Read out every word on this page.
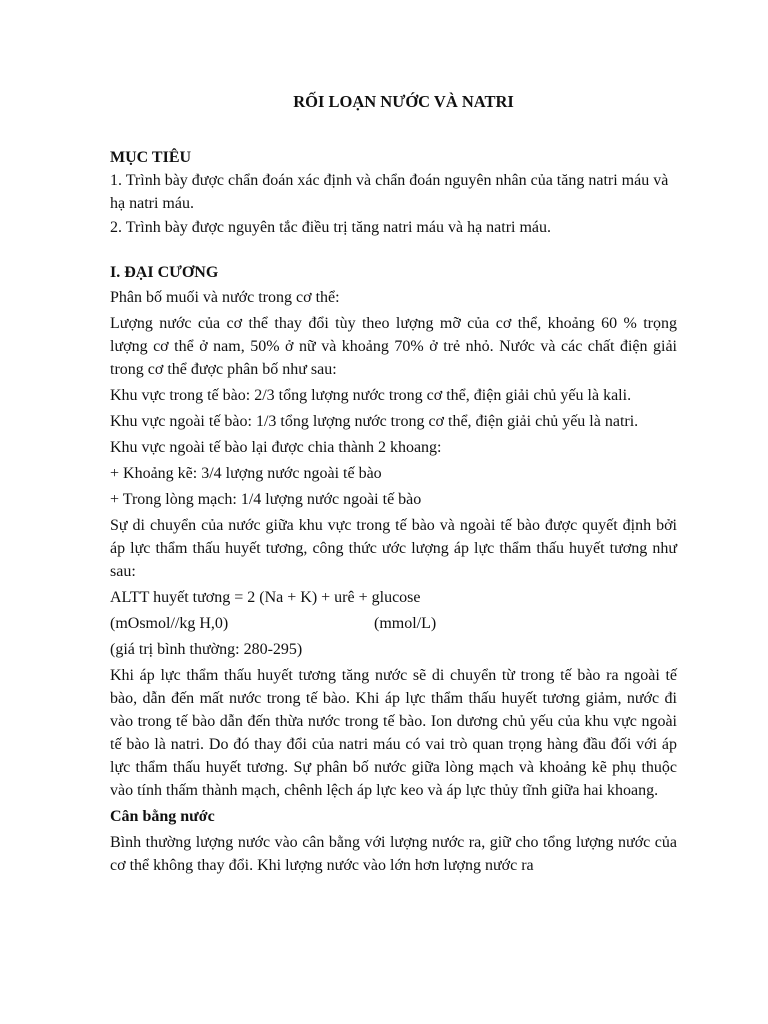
RỐI LOẠN NƯỚC VÀ NATRI
MỤC TIÊU

1. Trình bày được chẩn đoán xác định và chẩn đoán nguyên nhân của tăng natri máu và hạ natri máu.

2. Trình bày được nguyên tắc điều trị tăng natri máu và hạ natri máu.

I. ĐẠI CƯƠNG

Phân bố muối và nước trong cơ thể:

Lượng nước của cơ thể thay đổi tùy theo lượng mỡ của cơ thể, khoảng 60 % trọng lượng cơ thể ở nam, 50% ở nữ và khoảng 70% ở trẻ nhỏ. Nước và các chất điện giải trong cơ thể được phân bố như sau:

Khu vực trong tế bào: 2/3 tổng lượng nước trong cơ thể, điện giải chủ yếu là kali.

Khu vực ngoài tế bào: 1/3 tổng lượng nước trong cơ thể, điện giải chủ yếu là natri.

Khu vực ngoài tế bào lại được chia thành 2 khoang:

+ Khoảng kẽ: 3/4 lượng nước ngoài tế bào

+ Trong lòng mạch: 1/4 lượng nước ngoài tế bào

Sự di chuyển của nước giữa khu vực trong tế bào và ngoài tế bào được quyết định bởi áp lực thẩm thấu huyết tương, công thức ước lượng áp lực thẩm thấu huyết tương như sau:

ALTT huyết tương = 2 (Na + K) + urê + glucose

(mOsmol//kg H,0)	(mmol/L)

(giá trị bình thường: 280-295)

Khi áp lực thẩm thấu huyết tương tăng nước sẽ di chuyển từ trong tế bào ra ngoài tế bào, dẫn đến mất nước trong tế bào. Khi áp lực thẩm thấu huyết tương giảm, nước đi vào trong tế bào dẫn đến thừa nước trong tế bào. Ion dương chủ yếu của khu vực ngoài tế bào là natri. Do đó thay đổi của natri máu có vai trò quan trọng hàng đầu đối với áp lực thẩm thấu huyết tương. Sự phân bố nước giữa lòng mạch và khoảng kẽ phụ thuộc vào tính thấm thành mạch, chênh lệch áp lực keo và áp lực thủy tĩnh giữa hai khoang.

Cân bằng nước

Bình thường lượng nước vào cân bằng với lượng nước ra, giữ cho tổng lượng nước của cơ thể không thay đổi. Khi lượng nước vào lớn hơn lượng nước ra
